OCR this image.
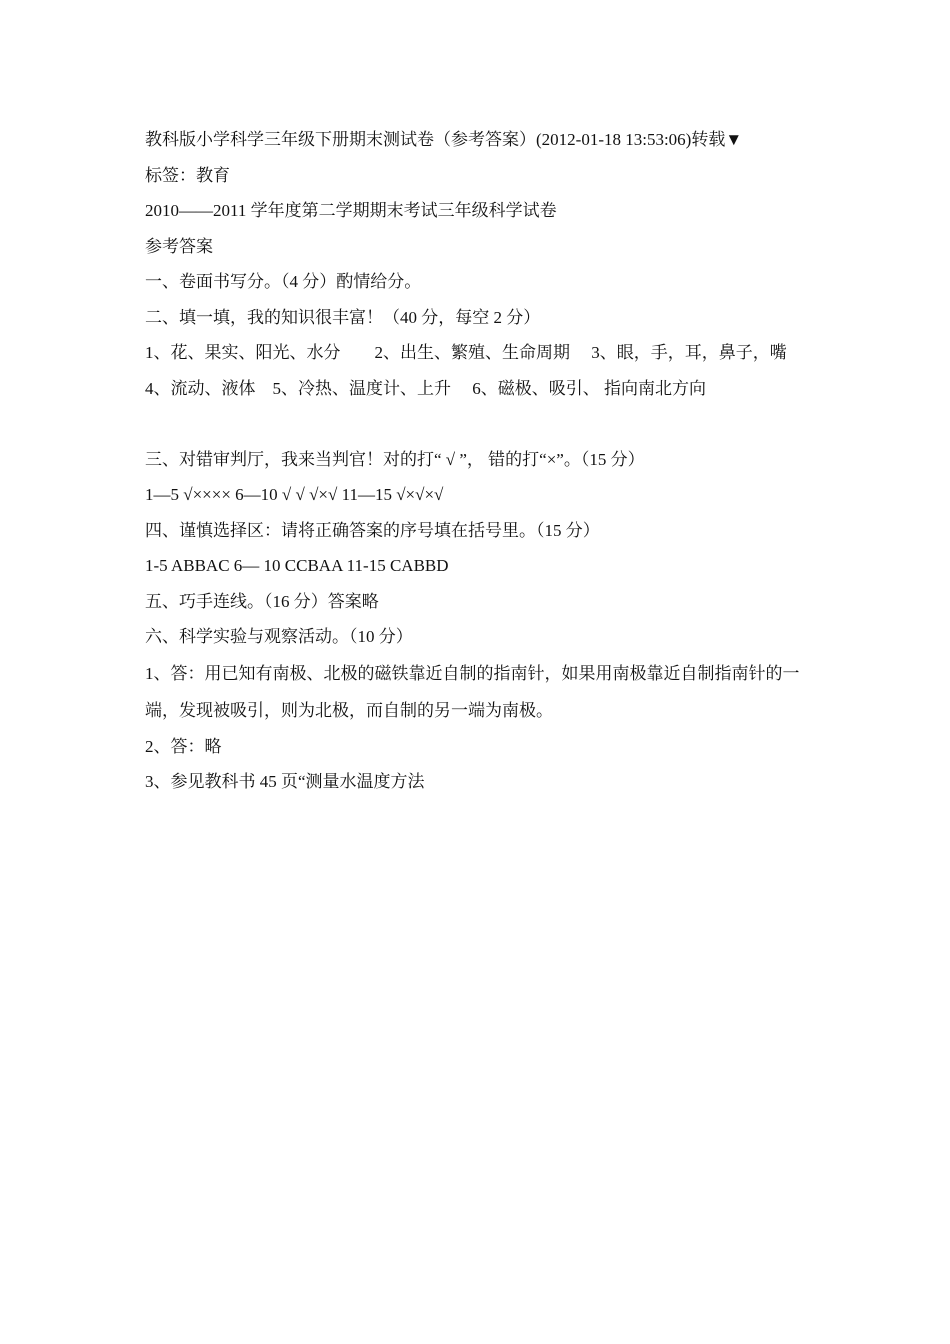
教科版小学科学三年级下册期末测试卷（参考答案）(2012-01-18 13:53:06)转载▼
标签：教育
2010——2011 学年度第二学期期末考试三年级科学试卷
参考答案
一、卷面书写分。（4 分）酌情给分。
二、填一填，我的知识很丰富！（40 分，每空 2 分）
1、花、果实、阳光、水分　　2、出生、繁殖、生命周期　 3、眼，手，耳，鼻子，嘴
4、流动、液体　5、冷热、温度计、上升　 6、磁极、吸引、 指向南北方向
三、对错审判厅，我来当判官！对的打“ √ ”， 错的打“×”。（15 分）
1—5 √×××× 6—10 √ √ √×√ 11—15 √×√×√
四、谨慎选择区：请将正确答案的序号填在括号里。（15 分）
1-5 ABBAC 6— 10 CCBAA 11-15 CABBD
五、巧手连线。（16 分）答案略
六、科学实验与观察活动。（10 分）
1、答：用已知有南极、北极的磁铁靠近自制的指南针，如果用南极靠近自制指南针的一端，发现被吸引，则为北极，而自制的另一端为南极。
2、答：略
3、参见教科书 45 页“测量水温度方法
